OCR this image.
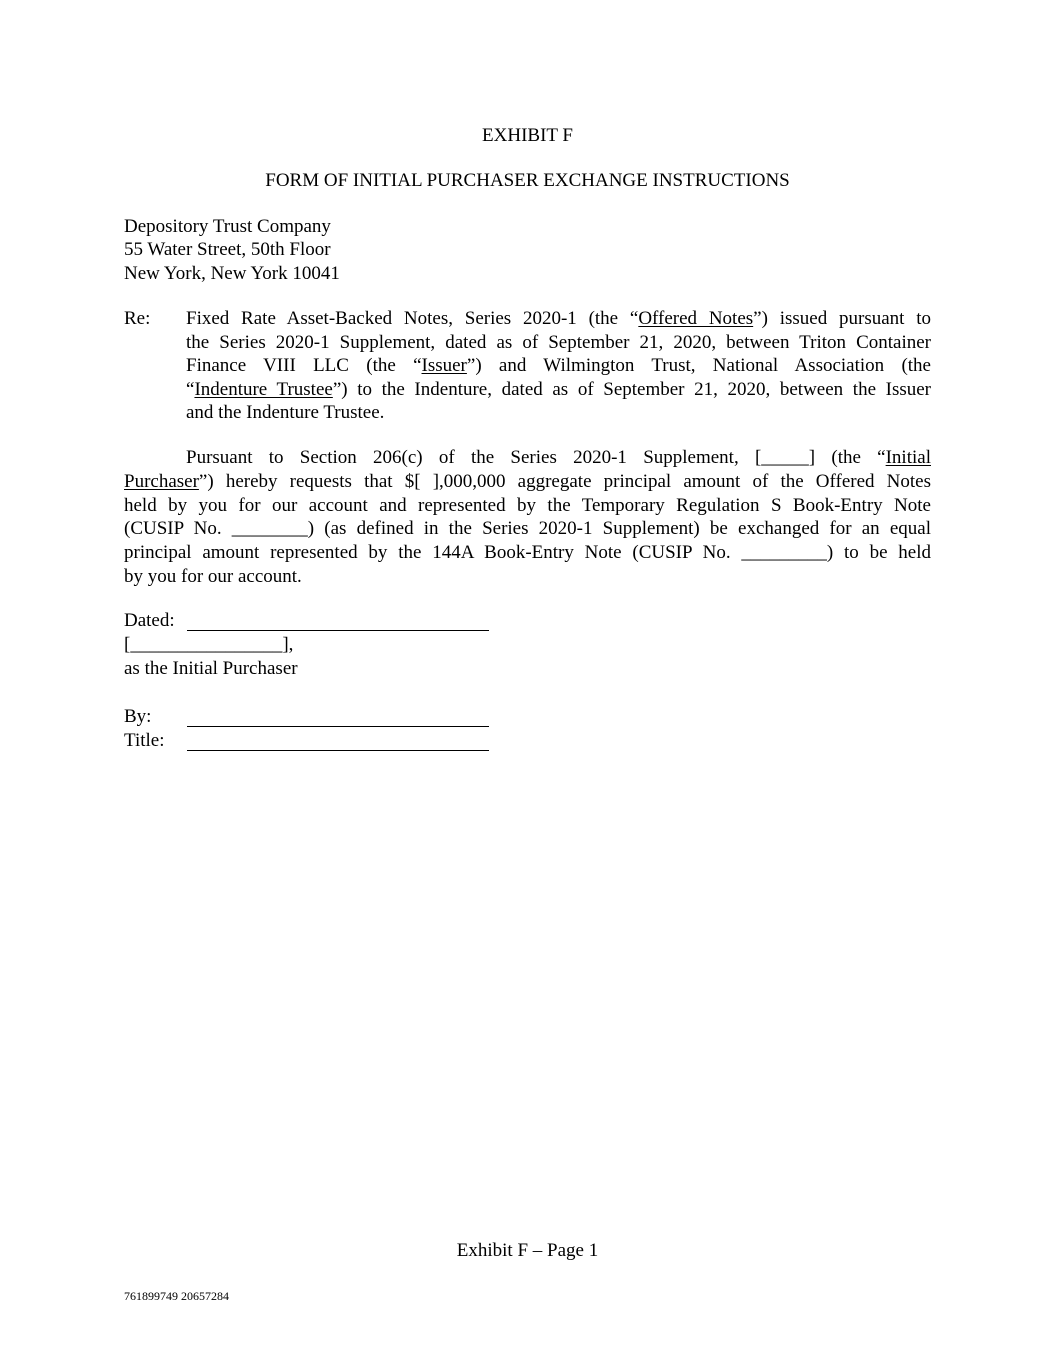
EXHIBIT F
FORM OF INITIAL PURCHASER EXCHANGE INSTRUCTIONS
Depository Trust Company
55 Water Street, 50th Floor
New York, New York 10041
Re: Fixed Rate Asset-Backed Notes, Series 2020-1 (the “Offered Notes”) issued pursuant to
the Series 2020-1 Supplement, dated as of September 21, 2020, between Triton Container
Finance VIII LLC (the “Issuer”) and Wilmington Trust, National Association (the
“Indenture Trustee”) to the Indenture, dated as of September 21, 2020, between the Issuer
and the Indenture Trustee.
Pursuant to Section 206(c) of the Series 2020-1 Supplement, [_____] (the “Initial
Purchaser”) hereby requests that $[ ],000,000 aggregate principal amount of the Offered Notes
held by you for our account and represented by the Temporary Regulation S Book-Entry Note
(CUSIP No. ________) (as defined in the Series 2020-1 Supplement) be exchanged for an equal
principal amount represented by the 144A Book-Entry Note (CUSIP No. _________) to be held
by you for our account.
Dated:
[________________],
as the Initial Purchaser
By:
Title:
Exhibit F – Page 1
761899749 20657284
